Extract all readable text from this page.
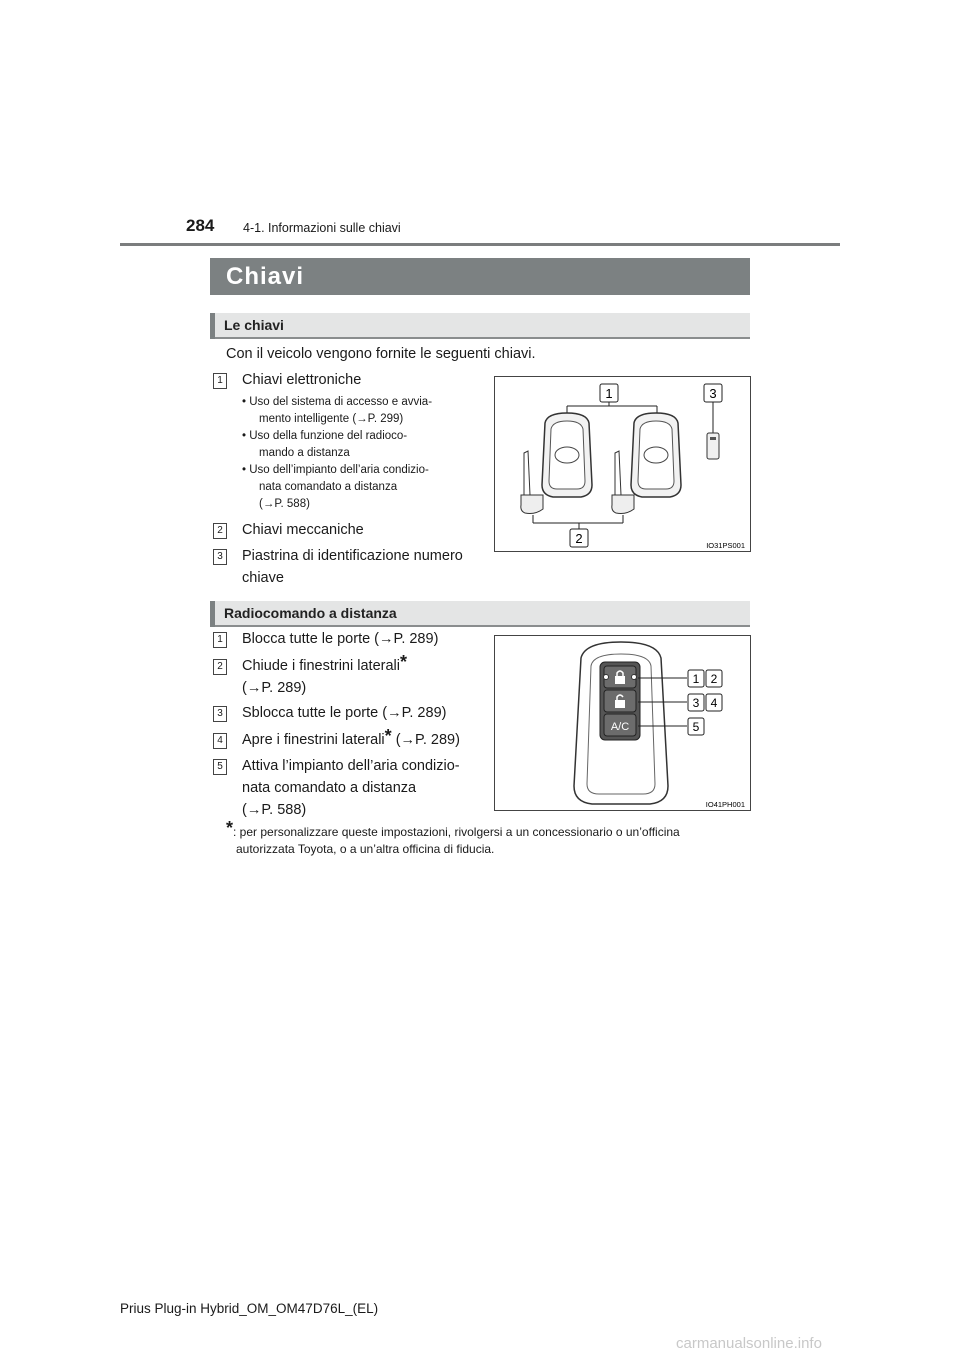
284 4-1. Informazioni sulle chiavi
Chiavi
Le chiavi
Con il veicolo vengono fornite le seguenti chiavi.
1 Chiavi elettroniche
• Uso del sistema di accesso e avvia-
mento intelligente (→P. 299)
• Uso della funzione del radioco-
mando a distanza
• Uso dell’impianto dell’aria condizio-
nata comandato a distanza
(→P. 588)
2 Chiavi meccaniche
3 Piastrina di identificazione numero
chiave
1
2
3
IO31PS001
Radiocomando a distanza
1 Blocca tutte le porte (→P. 289)
2 Chiude i finestrini laterali*
(→P. 289)
3 Sblocca tutte le porte (→P. 289)
4 Apre i finestrini laterali* (→P. 289)
5 Attiva l’impianto dell’aria condizio-
nata comandato a distanza
(→P. 588)
A/C
1 2
3 4
5
IO41PH001
*: per personalizzare queste impostazioni, rivolgersi a un concessionario o un’officina
autorizzata Toyota, o a un’altra officina di fiducia.
Prius Plug-in Hybrid_OM_OM47D76L_(EL)
carmanualsonline.info
